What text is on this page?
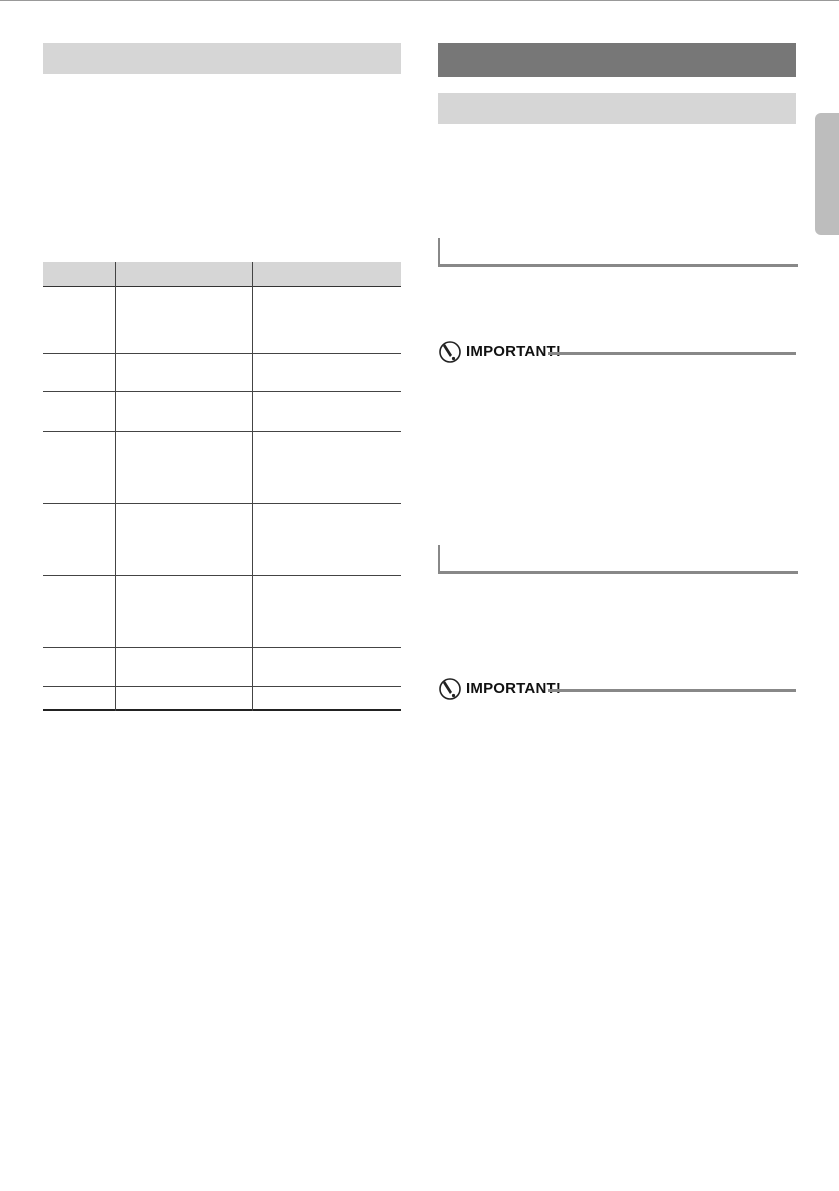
IMPORTANT!
IMPORTANT!
